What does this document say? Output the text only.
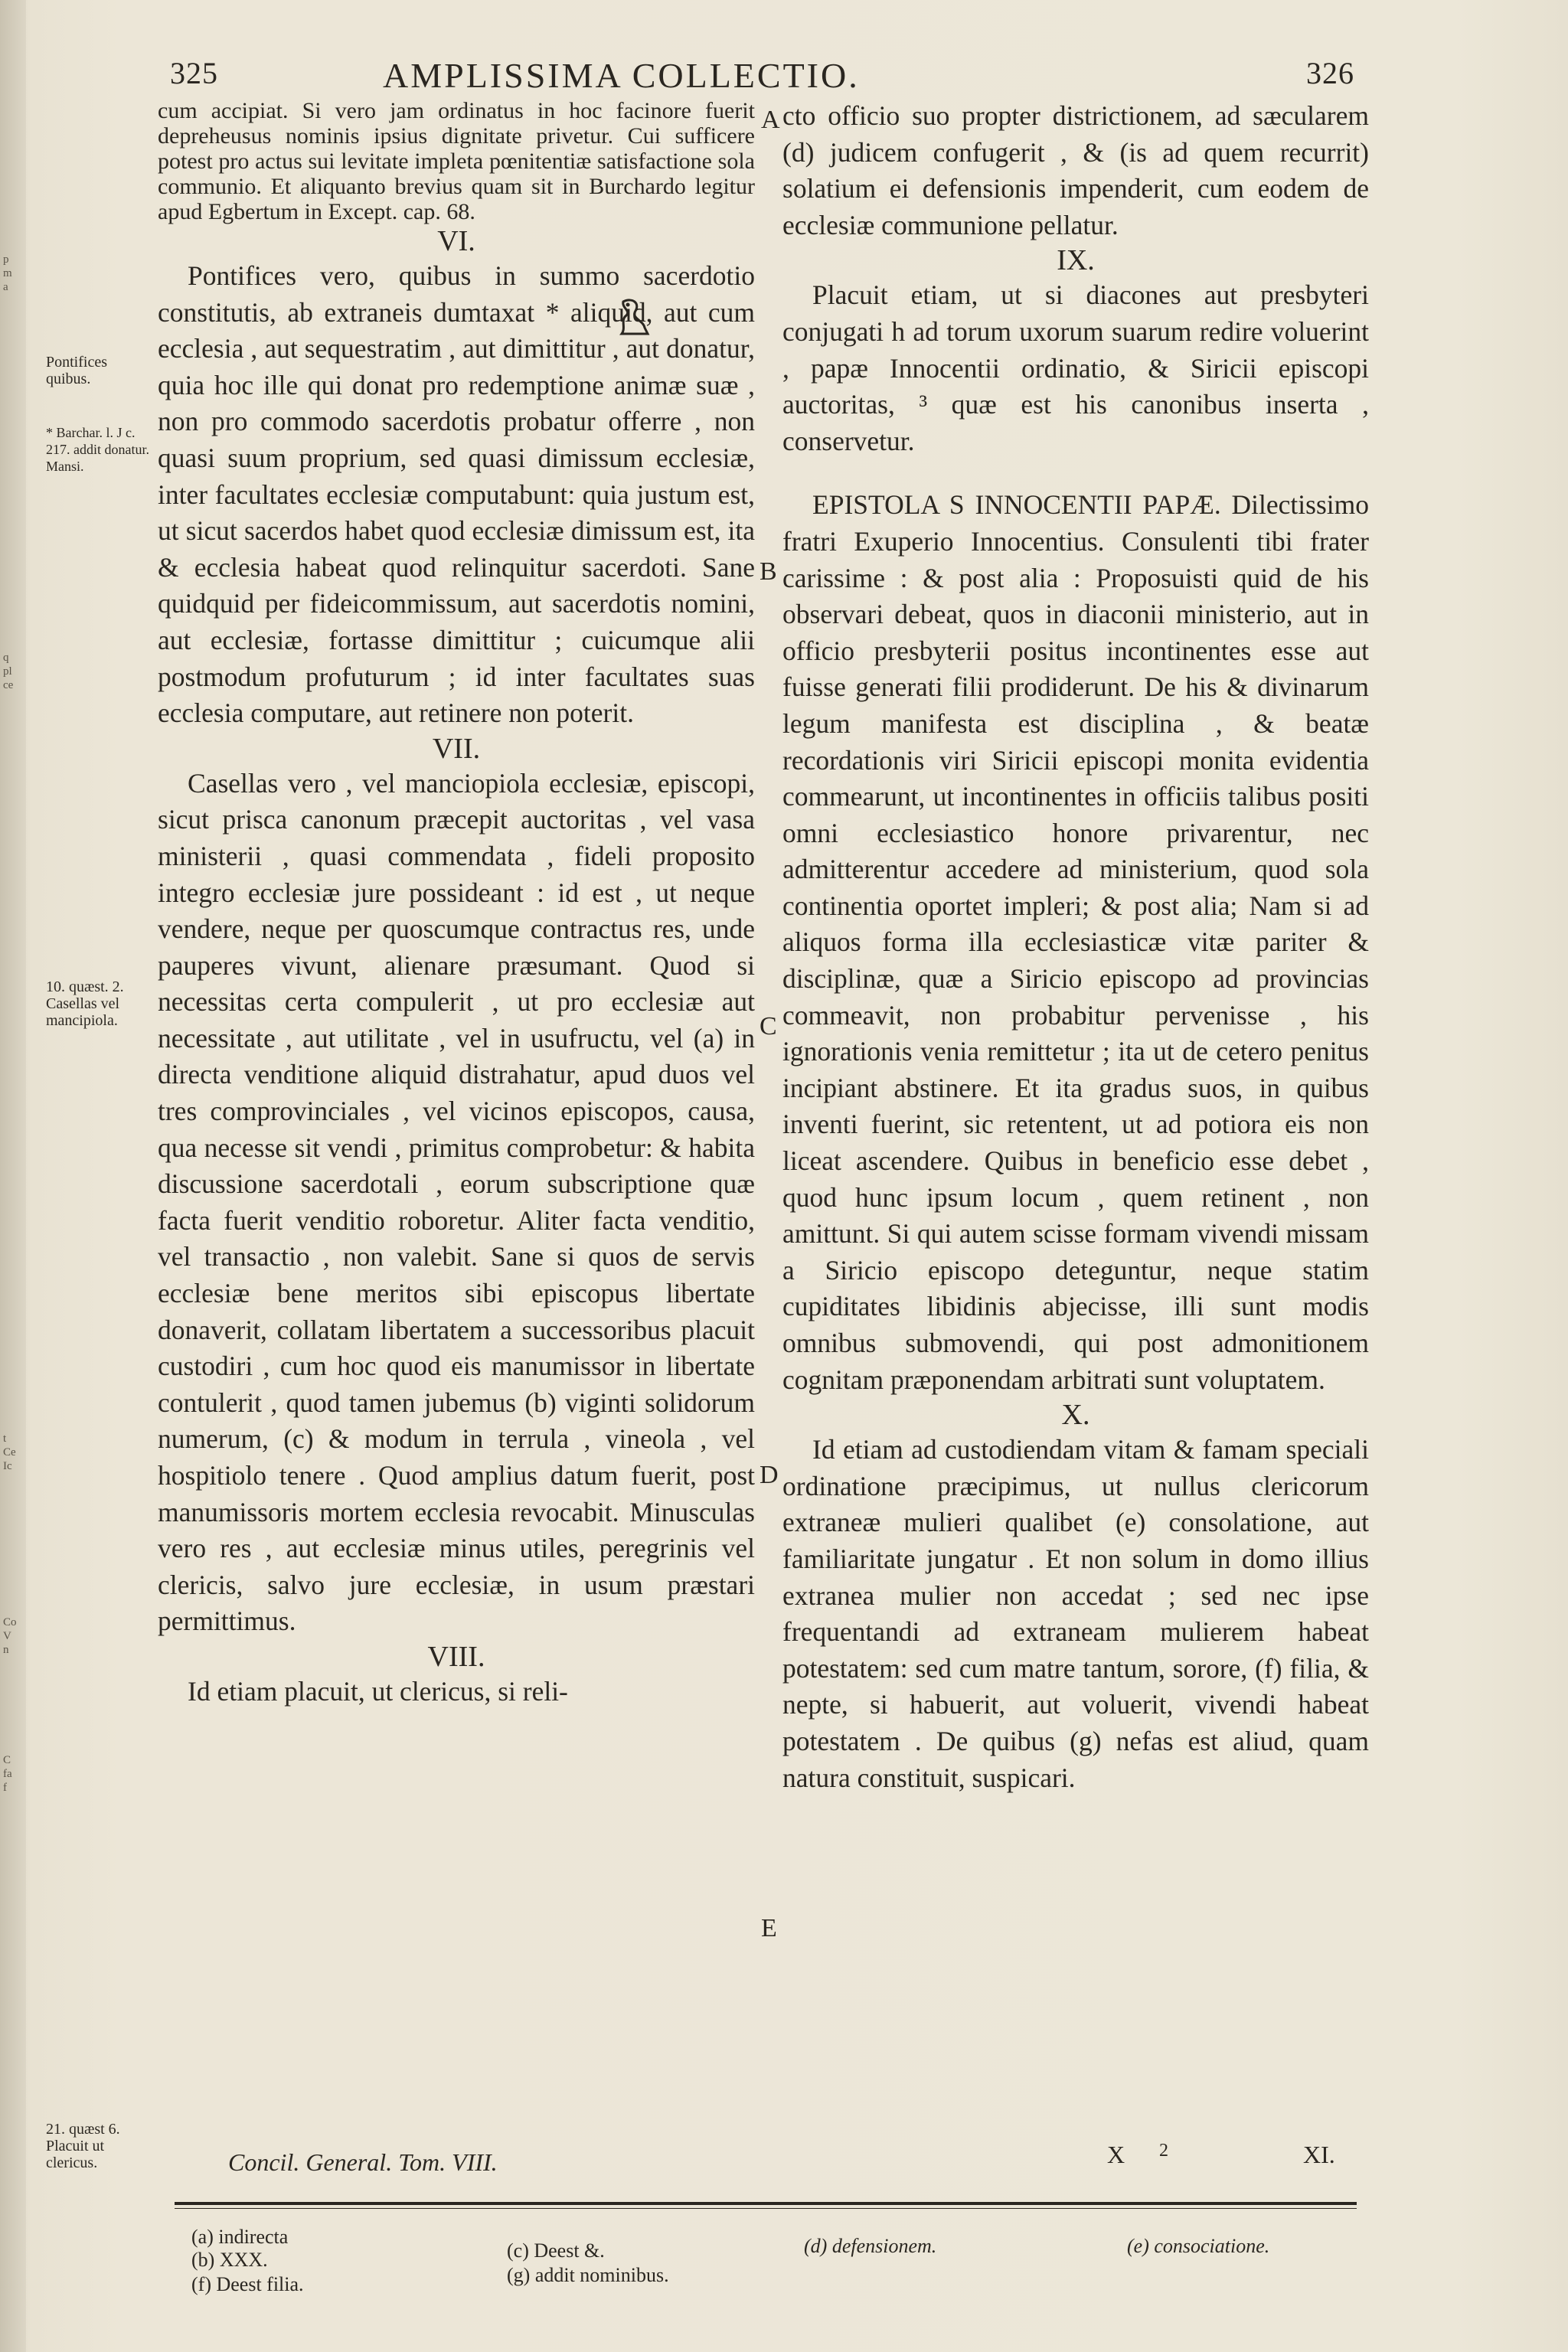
p
m
a
q
pl
ce
t
Ce
Ic
Co
V
n
C
fa
f
325	AMPLISSIMA COLLECTIO.	326

cum accipiat. Si vero jam ordinatus in hoc facinore fuerit depreheusus nominis ipsius dignitate privetur. Cui sufficere potest pro actus sui levitate impleta pœnitentiæ satisfactione sola communio. Et aliquanto brevius quam sit in Burchardo legitur apud Egbertum in Except. cap. 68.

VI.

Pontifices vero, quibus in summo sacerdotio constitutis, ab extraneis dumtaxat * aliquid, aut cum ecclesia , aut sequestratim , aut dimittitur , aut donatur, quia hoc ille qui donat pro redemptione animæ suæ , non pro commodo sacerdotis probatur offerre , non quasi suum proprium, sed quasi dimissum ecclesiæ, inter facultates ecclesiæ computabunt: quia justum est, ut sicut sacerdos habet quod ecclesiæ dimissum est, ita & ecclesia habeat quod relinquitur sacerdoti. Sane quidquid per fideicommissum, aut sacerdotis nomini, aut ecclesiæ, fortasse dimittitur ; cuicumque alii postmodum profuturum ; id inter facultates suas ecclesia computare, aut retinere non poterit.

VII.

Casellas vero , vel manciopiola ecclesiæ, episcopi, sicut prisca canonum præcepit auctoritas , vel vasa ministerii , quasi commendata , fideli proposito integro ecclesiæ jure possideant : id est , ut neque vendere, neque per quoscumque contractus res, unde pauperes vivunt, alienare præsumant. Quod si necessitas certa compulerit , ut pro ecclesiæ aut necessitate , aut utilitate , vel in usufructu, vel (a) in directa venditione aliquid distrahatur, apud duos vel tres comprovinciales , vel vicinos episcopos, causa, qua necesse sit vendi , primitus comprobetur: & habita discussione sacerdotali , eorum subscriptione quæ facta fuerit venditio roboretur. Aliter facta venditio, vel transactio , non valebit. Sane si quos de servis ecclesiæ bene meritos sibi episcopus libertate donaverit, collatam libertatem a successoribus placuit custodiri , cum hoc quod eis manumissor in libertate contulerit , quod tamen jubemus (b) viginti solidorum numerum, (c) & modum in terrula , vineola , vel hospitiolo tenere . Quod amplius datum fuerit, post manumissoris mortem ecclesia revocabit. Minusculas vero res , aut ecclesiæ minus utiles, peregrinis vel clericis, salvo jure ecclesiæ, in usum præstari permittimus.

VIII.

Id etiam placuit, ut clericus, si reli-

cto officio suo propter districtionem, ad sæcularem (d) judicem confugerit , & (is ad quem recurrit) solatium ei defensionis impenderit, cum eodem de ecclesiæ communione pellatur.

IX.

Placuit etiam, ut si diacones aut presbyteri conjugati h ad torum uxorum suarum redire voluerint , papæ Innocentii ordinatio, & Siricii episcopi auctoritas, ³ quæ est his canonibus inserta , conservetur.

EPISTOLA S INNOCENTII PAPÆ. Dilectissimo fratri Exuperio Innocentius. Consulenti tibi frater carissime : & post alia : Proposuisti quid de his observari debeat, quos in diaconii ministerio, aut in officio presbyterii positus incontinentes esse aut fuisse generati filii prodiderunt. De his & divinarum legum manifesta est disciplina , & beatæ recordationis viri Siricii episcopi monita evidentia commearunt, ut incontinentes in officiis talibus positi omni ecclesiastico honore privarentur, nec admitterentur accedere ad ministerium, quod sola continentia oportet impleri; & post alia; Nam si ad aliquos forma illa ecclesiasticæ vitæ pariter & disciplinæ, quæ a Siricio episcopo ad provincias commeavit, non probabitur pervenisse , his ignorationis venia remittetur ; ita ut de cetero penitus incipiant abstinere. Et ita gradus suos, in quibus inventi fuerint, sic retentent, ut ad potiora eis non liceat ascendere. Quibus in beneficio esse debet , quod hunc ipsum locum , quem retinent , non amittunt. Si qui autem scisse formam vivendi missam a Siricio episcopo deteguntur, neque statim cupiditates libidinis abjecisse, illi sunt modis omnibus submovendi, qui post admonitionem cognitam præponendam arbitrati sunt voluptatem.

X.

Id etiam ad custodiendam vitam & famam speciali ordinatione præcipimus, ut nullus clericorum extraneæ mulieri qualibet (e) consolatione, aut familiaritate jungatur . Et non solum in domo illius extranea mulier non accedat ; sed nec ipse frequentandi ad extraneam mulierem habeat potestatem: sed cum matre tantum, sorore, (f) filia, & nepte, si habuerit, aut voluerit, vivendi habeat potestatem . De quibus (g) nefas est aliud, quam natura constituit, suspicari.

Pontifices quibus.
* Barchar. l. J c. 217. addit donatur. Mansi.
10. quæst. 2. Casellas vel mancipiola.
21. quæst 6. Placuit ut clericus.
A
B
C
D
E
Concil. General. Tom. VIII.	X 2	XI.
(a) indirecta
(b) XXX.
(f) Deest filia.
(c) Deest &.
(g) addit nominibus.
(d) defensionem.	(e) consociatione.
